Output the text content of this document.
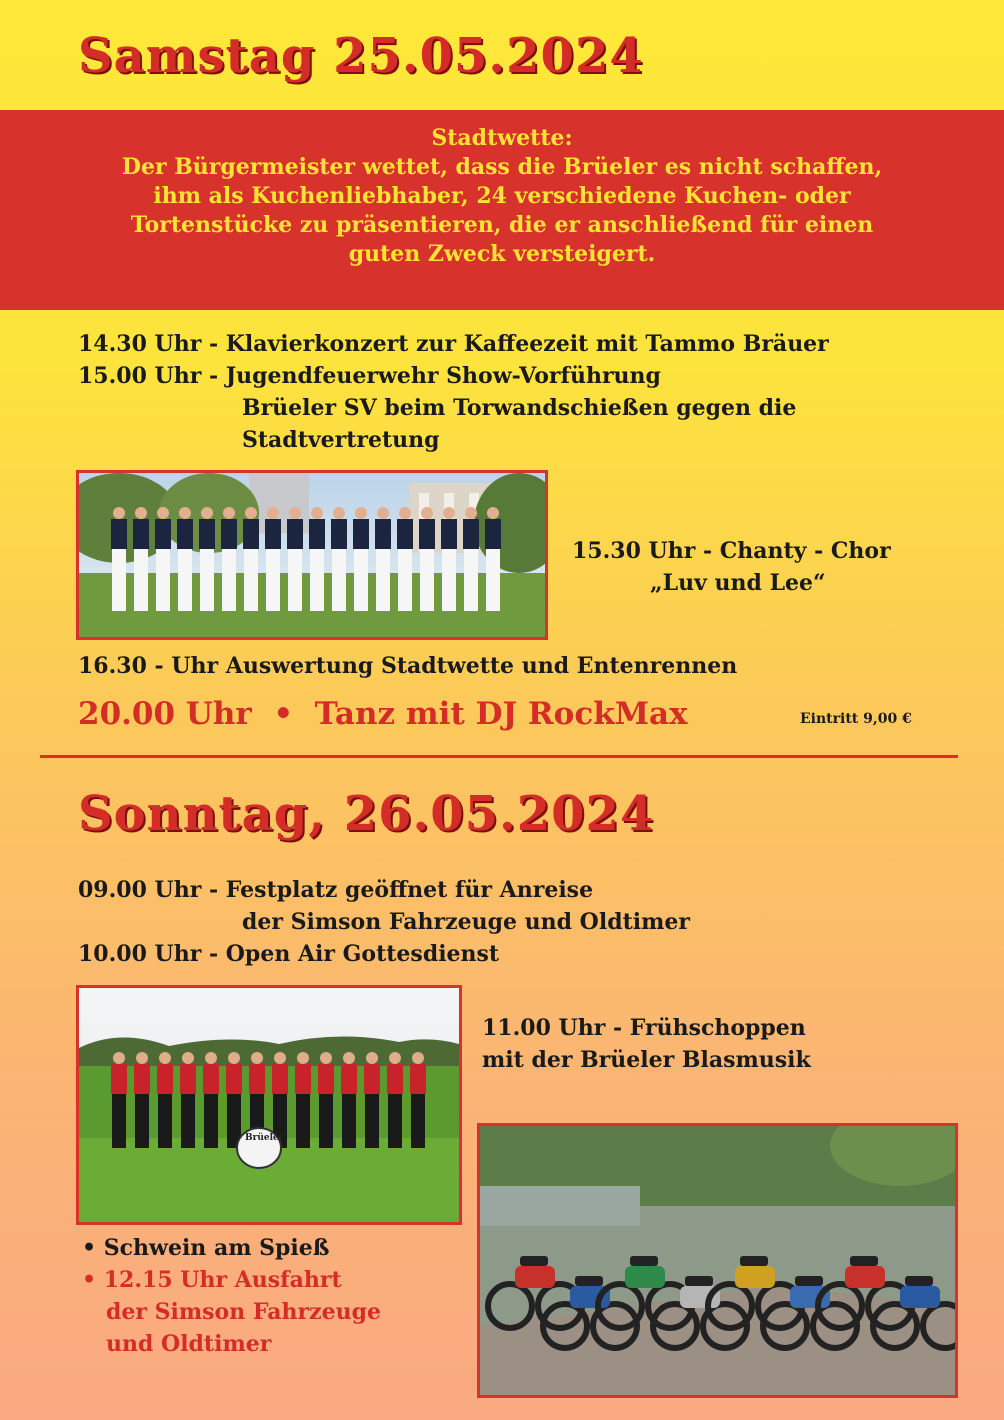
Samstag 25.05.2024
Stadtwette:
Der Bürgermeister wettet, dass die Brüeler es nicht schaffen,
ihm als Kuchenliebhaber, 24 verschiedene Kuchen- oder
Tortenstücke zu präsentieren, die er anschließend für einen
guten Zweck versteigert.
14.30 Uhr - Klavierkonzert zur Kaffeezeit mit Tammo Bräuer
15.00 Uhr - Jugendfeuerwehr Show-Vorführung
Brüeler SV beim Torwandschießen gegen die
Stadtvertretung
15.30 Uhr - Chanty - Chor
„Luv und Lee“
16.30 - Uhr Auswertung Stadtwette und Entenrennen
20.00 Uhr  •  Tanz mit DJ RockMax	Eintritt 9,00 €
Sonntag, 26.05.2024
09.00 Uhr - Festplatz geöffnet für Anreise
der Simson Fahrzeuge und Oldtimer
10.00 Uhr - Open Air Gottesdienst
Brüeler
11.00 Uhr - Frühschoppen
mit der Brüeler Blasmusik
• Schwein am Spieß
• 12.15 Uhr Ausfahrt
der Simson Fahrzeuge
und Oldtimer
